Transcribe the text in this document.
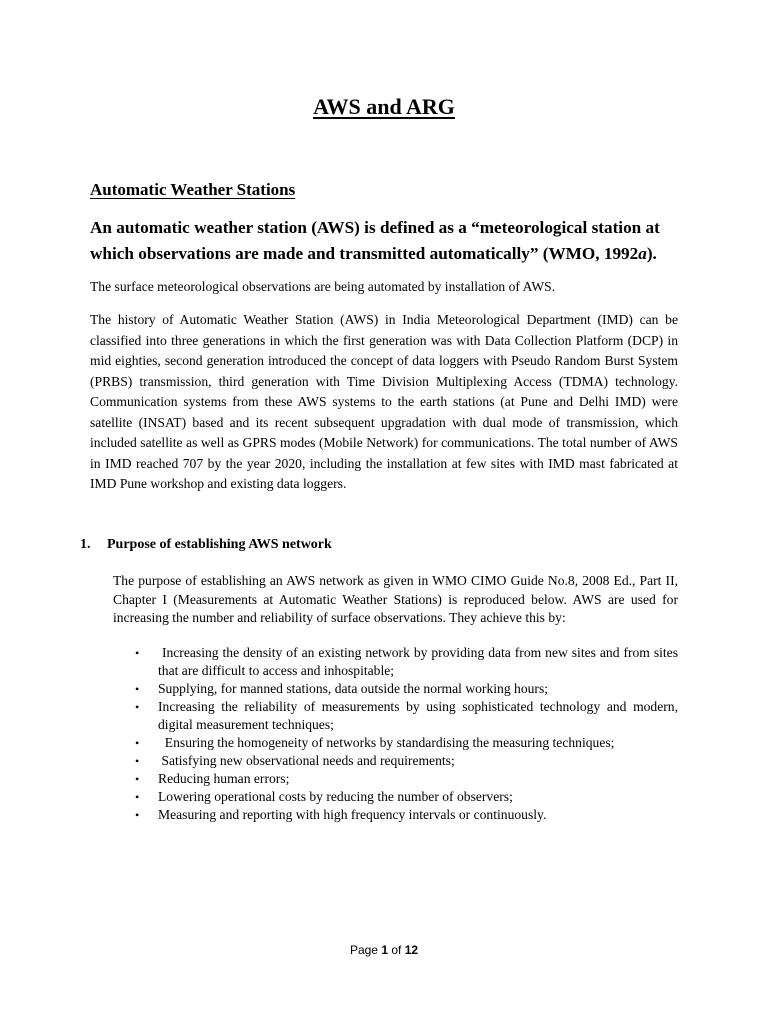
AWS and ARG
Automatic Weather Stations

An automatic weather station (AWS) is defined as a “meteorological station at which observations are made and transmitted automatically” (WMO, 1992a).

The surface meteorological observations are being automated by installation of AWS.

The history of Automatic Weather Station (AWS) in India Meteorological Department (IMD) can be classified into three generations in which the first generation was with Data Collection Platform (DCP) in mid eighties, second generation introduced the concept of data loggers with Pseudo Random Burst System (PRBS) transmission, third generation with Time Division Multiplexing Access (TDMA) technology. Communication systems from these AWS systems to the earth stations (at Pune and Delhi IMD) were satellite (INSAT) based and its recent subsequent upgradation with dual mode of transmission, which included satellite as well as GPRS modes (Mobile Network) for communications. The total number of AWS in IMD reached 707 by the year 2020, including the installation at few sites with IMD mast fabricated at IMD Pune workshop and existing data loggers.

1. Purpose of establishing AWS network

The purpose of establishing an AWS network as given in WMO CIMO Guide No.8, 2008 Ed., Part II, Chapter I (Measurements at Automatic Weather Stations) is reproduced below. AWS are used for increasing the number and reliability of surface observations. They achieve this by:

• Increasing the density of an existing network by providing data from new sites and from sites that are difficult to access and inhospitable;
• Supplying, for manned stations, data outside the normal working hours;
• Increasing the reliability of measurements by using sophisticated technology and modern, digital measurement techniques;
• Ensuring the homogeneity of networks by standardising the measuring techniques;
• Satisfying new observational needs and requirements;
• Reducing human errors;
• Lowering operational costs by reducing the number of observers;
• Measuring and reporting with high frequency intervals or continuously.
Page 1 of 12
